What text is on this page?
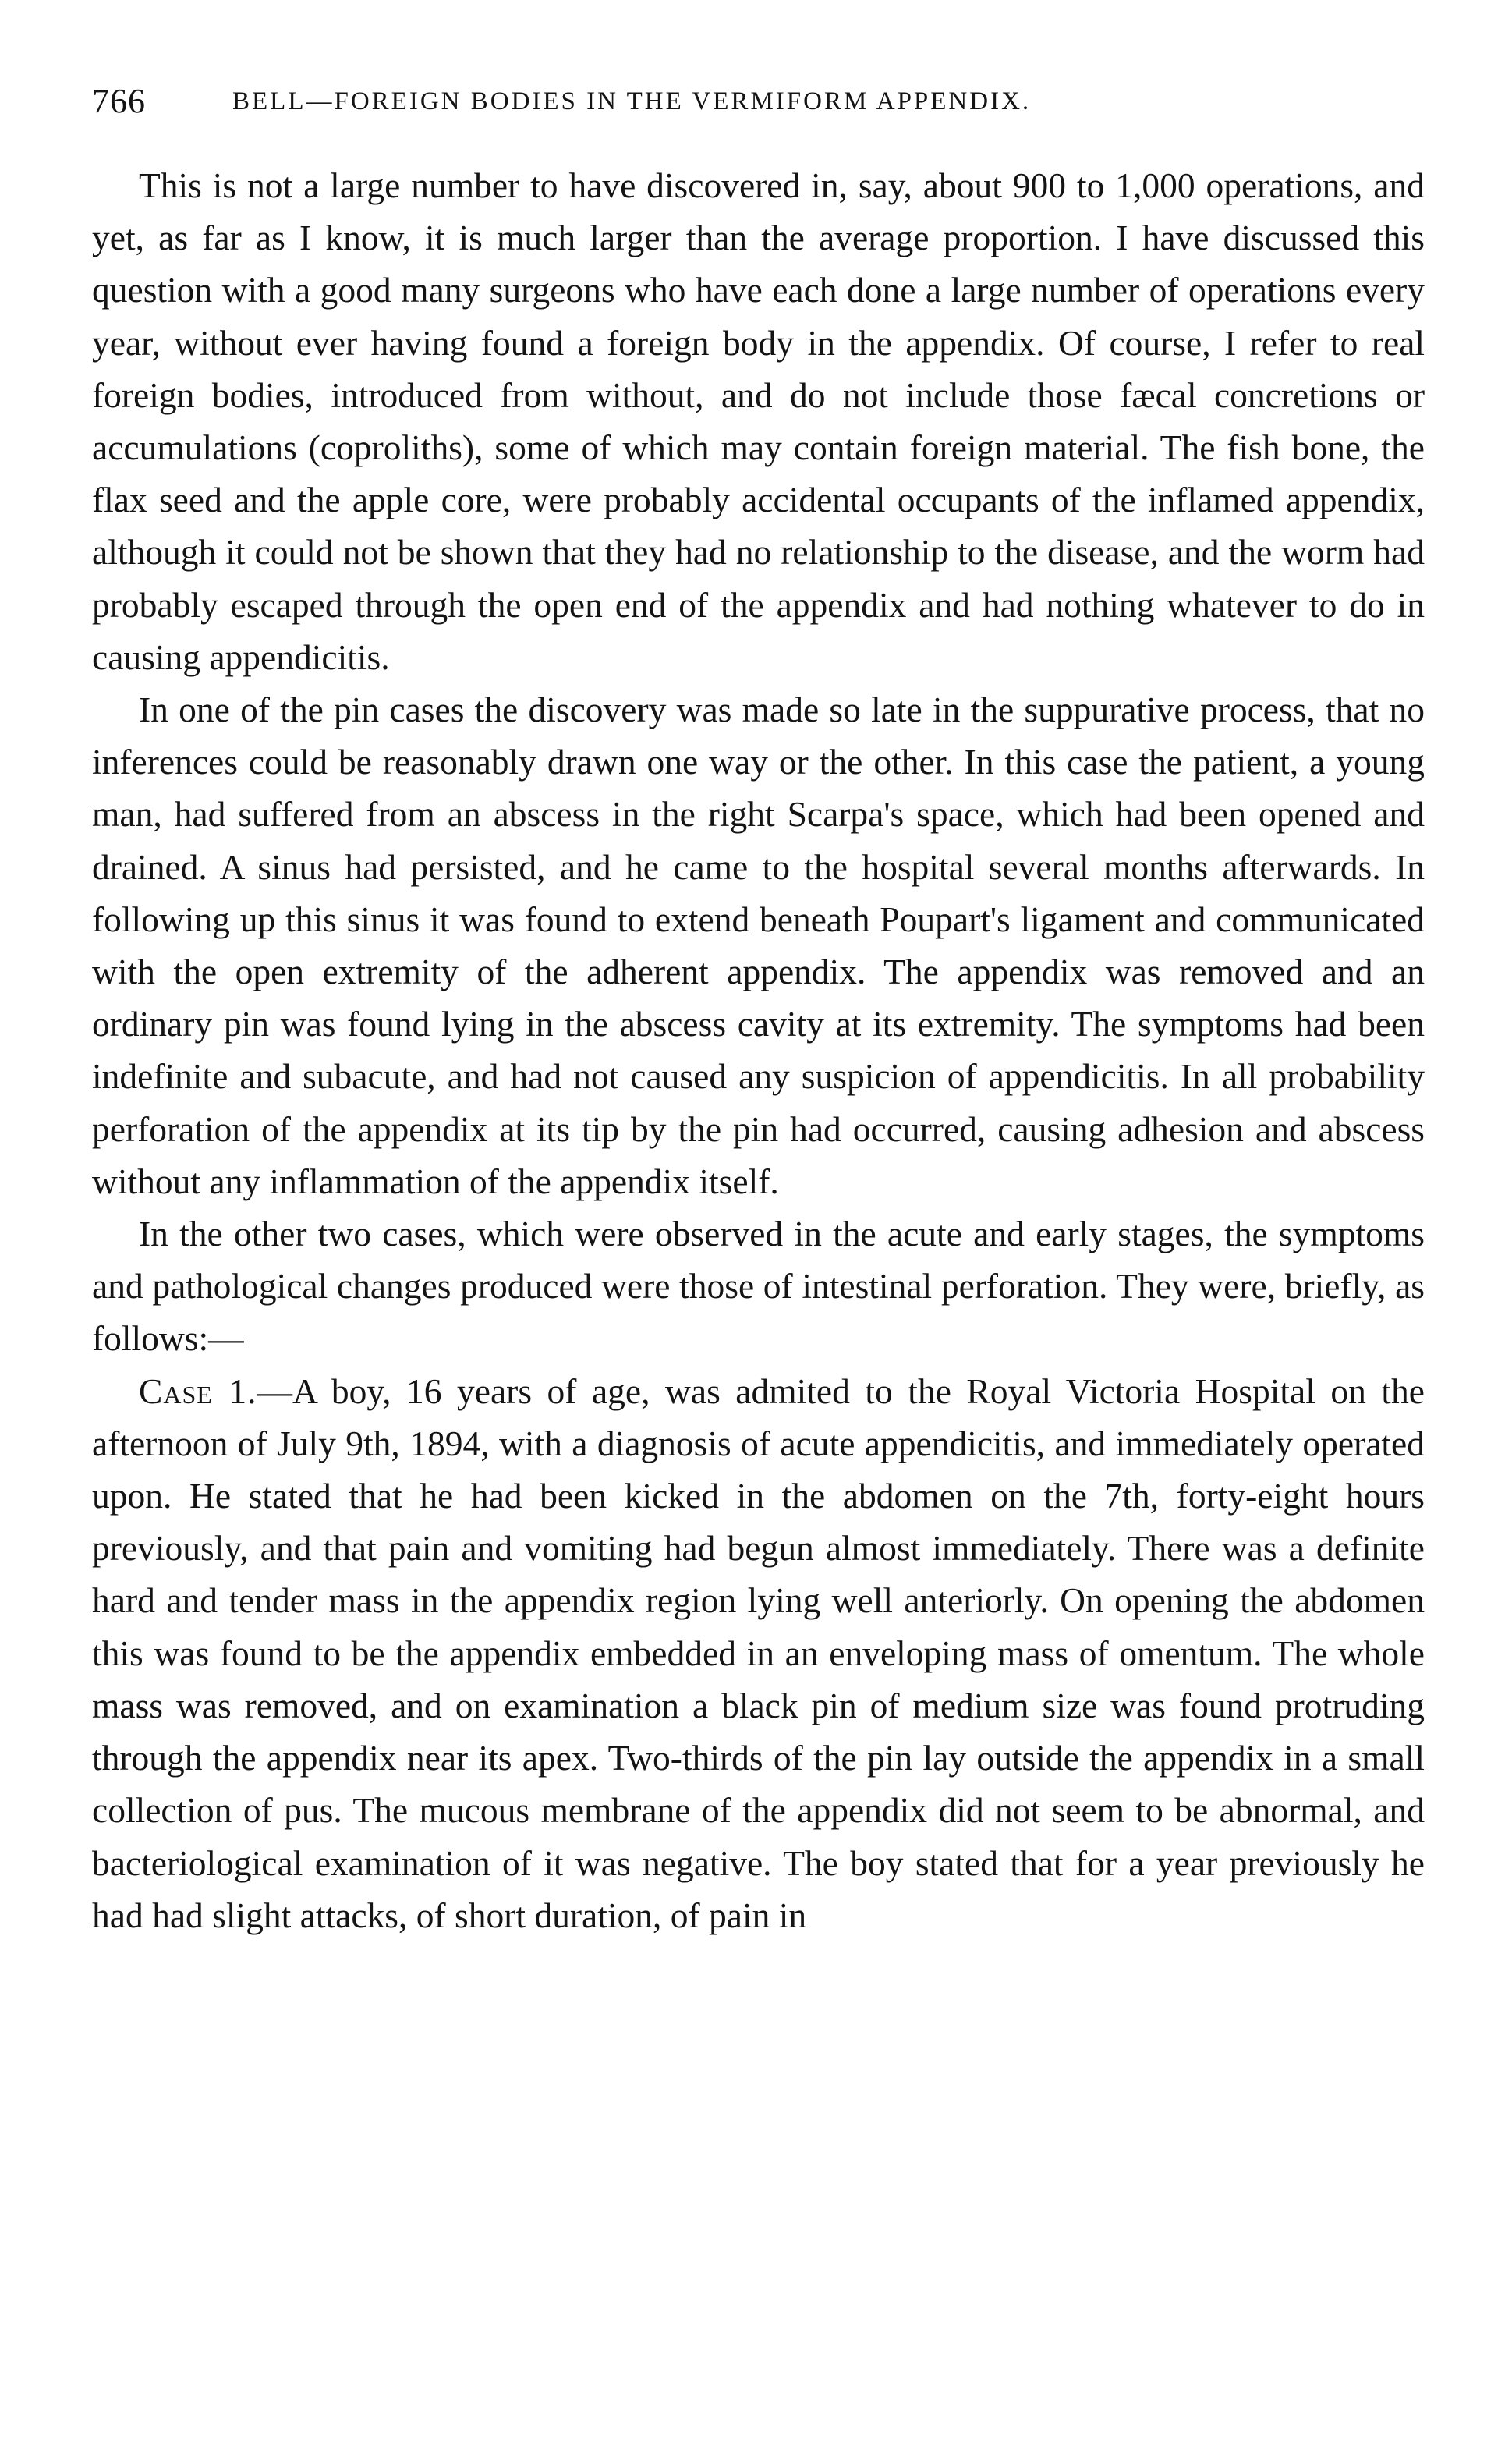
766	BELL—FOREIGN BODIES IN THE VERMIFORM APPENDIX.

This is not a large number to have discovered in, say, about 900 to 1,000 operations, and yet, as far as I know, it is much larger than the average proportion. I have discussed this question with a good many surgeons who have each done a large number of operations every year, without ever having found a foreign body in the appendix. Of course, I refer to real foreign bodies, introduced from without, and do not include those fæcal concretions or accumulations (coproliths), some of which may contain foreign material. The fish bone, the flax seed and the apple core, were probably accidental occupants of the inflamed appendix, although it could not be shown that they had no relationship to the disease, and the worm had probably escaped through the open end of the appendix and had nothing whatever to do in causing appendicitis.

In one of the pin cases the discovery was made so late in the suppurative process, that no inferences could be reasonably drawn one way or the other. In this case the patient, a young man, had suffered from an abscess in the right Scarpa's space, which had been opened and drained. A sinus had persisted, and he came to the hospital several months afterwards. In following up this sinus it was found to extend beneath Poupart's ligament and communicated with the open extremity of the adherent appendix. The appendix was removed and an ordinary pin was found lying in the abscess cavity at its extremity. The symptoms had been indefinite and subacute, and had not caused any suspicion of appendicitis. In all probability perforation of the appendix at its tip by the pin had occurred, causing adhesion and abscess without any inflammation of the appendix itself.

In the other two cases, which were observed in the acute and early stages, the symptoms and pathological changes produced were those of intestinal perforation. They were, briefly, as follows:—

Case 1.—A boy, 16 years of age, was admited to the Royal Victoria Hospital on the afternoon of July 9th, 1894, with a diagnosis of acute appendicitis, and immediately operated upon. He stated that he had been kicked in the abdomen on the 7th, forty-eight hours previously, and that pain and vomiting had begun almost immediately. There was a definite hard and tender mass in the appendix region lying well anteriorly. On opening the abdomen this was found to be the appendix embedded in an enveloping mass of omentum. The whole mass was removed, and on examination a black pin of medium size was found protruding through the appendix near its apex. Two-thirds of the pin lay outside the appendix in a small collection of pus. The mucous membrane of the appendix did not seem to be abnormal, and bacteriological examination of it was negative. The boy stated that for a year previously he had had slight attacks, of short duration, of pain in
